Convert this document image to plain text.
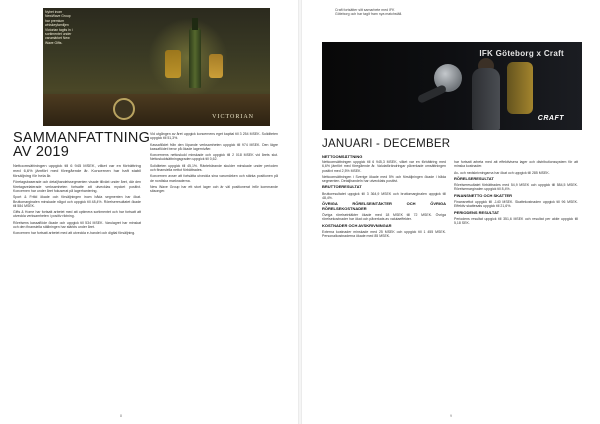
Nyhet inom NewWave Group har premium whiskeyfamiljen Victorian tagits in i sortimentet under varumärket New Wave Gifts.
VICTORIAN
SAMMANFATTNING
AV 2019

Nettoomsättningen uppgick till 6 945 MSEK, vilket var en förbättring med 6,6% jämfört med föregående år. Koncernen har haft stabil försäljning för hela år.

Företagsbaserade och detaljhandelssegmenten visade tillväxt under året, där den företagsrelaterade verksamheten fortsatte att utvecklas mycket positivt. Koncernen har under året fokuserat på lagerhantering.

Sport & Fritid ökade och försäljningen inom båda segmenten har ökat. Bruttomarginalen minskade något och uppgick till 48,4%. Rörelseresultatet ökade till 584 MSEK.

Gifts & Home har fortsatt arbetet med att optimera sortimentet och har fortsatt att utveckla verksamheten i positiv riktning.

Rörelsens kassaflöde ökade och uppgick till 534 MSEK. Varulagret har minskat och den finansiella ställningen har stärkts under året.

Koncernen har fortsatt arbetet med att utveckla e-handel och digital försäljning.

Vid utgången av året uppgick koncernens eget kapital till 3 254 MSEK. Soliditeten uppgick till 51,3%.

Kassaflödet från den löpande verksamheten uppgick till 974 MSEK. Den lägre kassaflödet beror på ökade lagernivåer.

Koncernens nettoskuld minskade och uppgick till 2 018 MSEK vid årets slut. Nettoskuldsättningsgraden uppgick till 0,62.

Soliditeten uppgick till 45,1%. Räntebärande skulder minskade under perioden och finansiella nettot förbättrades.

Koncernen avser att fortsätta utveckla sina varumärken och stärka positionen på de nordiska marknaderna.

New Wave Group har ett stort lager och är väl positionerat inför kommande säsonger.

8
Craft fortsätter sitt samarbete med IFK Göteborg och har tagit fram nya matchställ.
IFK Göteborg x Craft
CRAFT
JANUARI - DECEMBER
NETTOOMSÄTTNING

Nettoomsättningen uppgick till 6 945,3 MSEK, vilket var en förbättring med 6,6% jämfört med föregående år. Valutaförändringar påverkade omsättningen positivt med 2,5% MSEK.

Nettoomsättningen i Sverige ökade med 5% och försäljningen ökade i båda segmenten. Detaljhandeln har utvecklats positivt.

BRUTTOERESULTAT

Bruttoresultatet uppgick till 3 364,9 MSEK och bruttomarginalen uppgick till 48,4%.

ÖVRIGA RÖRELSEINTÄKTER OCH ÖVRIGA RÖRELSEKOSTNADER

Övriga rörelseintäkter ökade med 18 MSEK till 72 MSEK. Övriga rörelsekostnader har ökat och påverkats av valutaeffekter.

KOSTNADER OCH AVSKRIVNINGAR

Externa kostnader minskade med 25 MSEK och uppgick till 1 455 MSEK. Personalkostnaderna ökade med 85 MSEK.

har fortsatt arbeta med att effektivisera lager och distributionssystem för att minska kostnader.

Av- och nedskrivningarna har ökat och uppgick till 285 MSEK.

RÖRELSERESULTAT

Rörelseresultatet förbättrades med 54,9 MSEK och uppgick till 584,5 MSEK. Rörelsemarginalen uppgick till 8,4%.

FINANSNETTO OCH SKATTER

Finansnettot uppgick till -140 MSEK. Skattekostnaden uppgick till 96 MSEK. Effektiv skattesats uppgick till 21,6%.

PERIODENS RESULTAT

Periodens resultat uppgick till 351,6 MSEK och resultat per aktie uppgick till 5,18 SEK.

9
